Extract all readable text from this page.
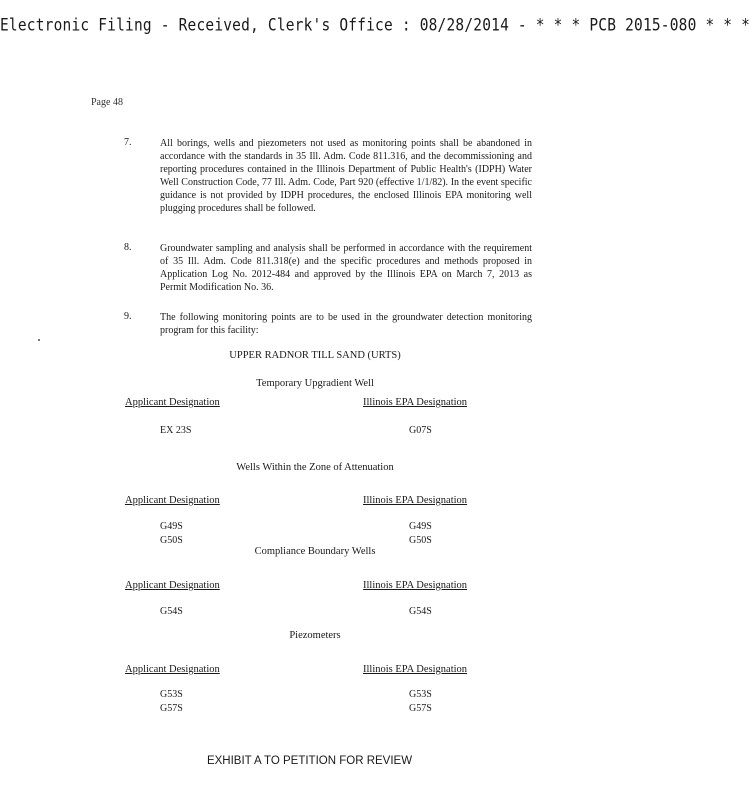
Electronic Filing - Received, Clerk's Office : 08/28/2014 - * * * PCB 2015-080 * * *
Page 48
7.	All borings, wells and piezometers not used as monitoring points shall be abandoned in accordance with the standards in 35 Ill. Adm. Code 811.316, and the decommissioning and reporting procedures contained in the Illinois Department of Public Health's (IDPH) Water Well Construction Code, 77 Ill. Adm. Code, Part 920 (effective 1/1/82). In the event specific guidance is not provided by IDPH procedures, the enclosed Illinois EPA monitoring well plugging procedures shall be followed.
8.	Groundwater sampling and analysis shall be performed in accordance with the requirement of 35 Ill. Adm. Code 811.318(e) and the specific procedures and methods proposed in Application Log No. 2012-484 and approved by the Illinois EPA on March 7, 2013 as Permit Modification No. 36.
9.	The following monitoring points are to be used in the groundwater detection monitoring program for this facility:
UPPER RADNOR TILL SAND (URTS)
Temporary Upgradient Well
Applicant Designation	Illinois EPA Designation
EX 23S	G07S
Wells Within the Zone of Attenuation
Applicant Designation	Illinois EPA Designation
G49S	G49S
G50S	G50S
Compliance Boundary Wells
Applicant Designation	Illinois EPA Designation
G54S	G54S
Piezometers
Applicant Designation	Illinois EPA Designation
G53S	G53S
G57S	G57S
EXHIBIT A TO PETITION FOR REVIEW
